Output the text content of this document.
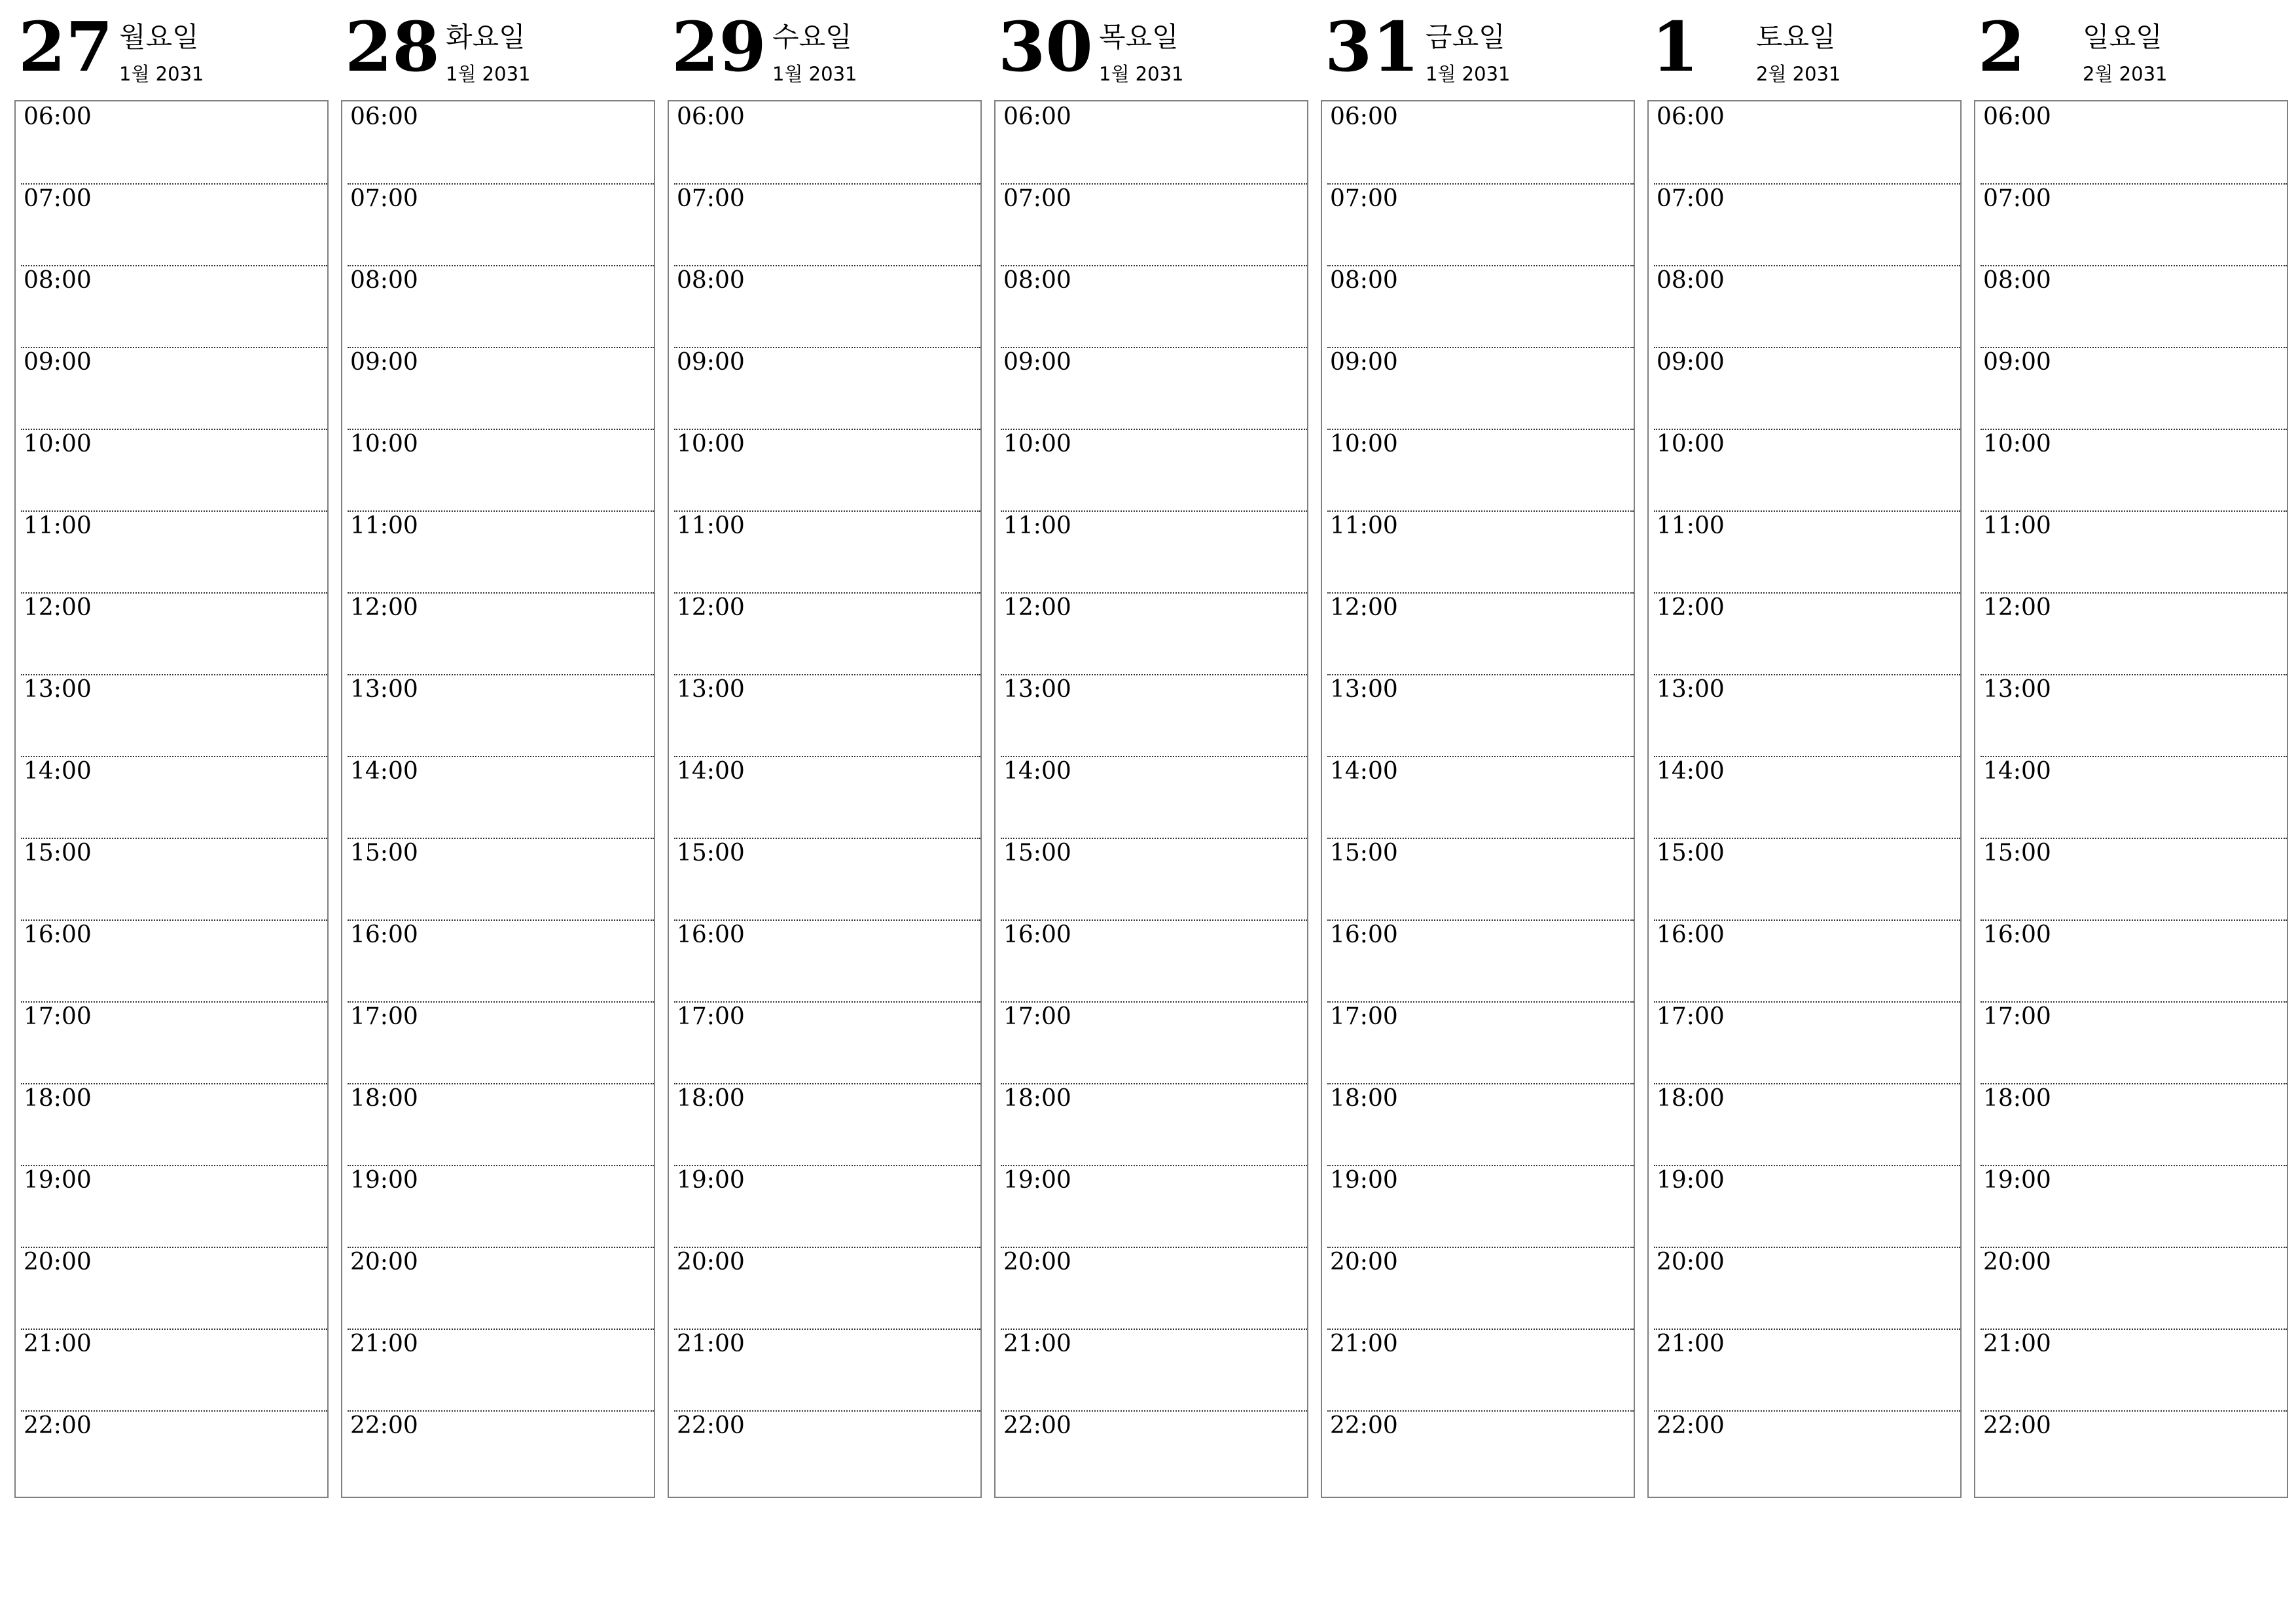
27 월요일
1월 2031
06:00
07:00
08:00
09:00
10:00
11:00
12:00
13:00
14:00
15:00
16:00
17:00
18:00
19:00
20:00
21:00
22:00
28 화요일
1월 2031
06:00
07:00
08:00
09:00
10:00
11:00
12:00
13:00
14:00
15:00
16:00
17:00
18:00
19:00
20:00
21:00
22:00
29 수요일
1월 2031
06:00
07:00
08:00
09:00
10:00
11:00
12:00
13:00
14:00
15:00
16:00
17:00
18:00
19:00
20:00
21:00
22:00
30 목요일
1월 2031
06:00
07:00
08:00
09:00
10:00
11:00
12:00
13:00
14:00
15:00
16:00
17:00
18:00
19:00
20:00
21:00
22:00
31 금요일
1월 2031
06:00
07:00
08:00
09:00
10:00
11:00
12:00
13:00
14:00
15:00
16:00
17:00
18:00
19:00
20:00
21:00
22:00
1 토요일
2월 2031
06:00
07:00
08:00
09:00
10:00
11:00
12:00
13:00
14:00
15:00
16:00
17:00
18:00
19:00
20:00
21:00
22:00
2 일요일
2월 2031
06:00
07:00
08:00
09:00
10:00
11:00
12:00
13:00
14:00
15:00
16:00
17:00
18:00
19:00
20:00
21:00
22:00
